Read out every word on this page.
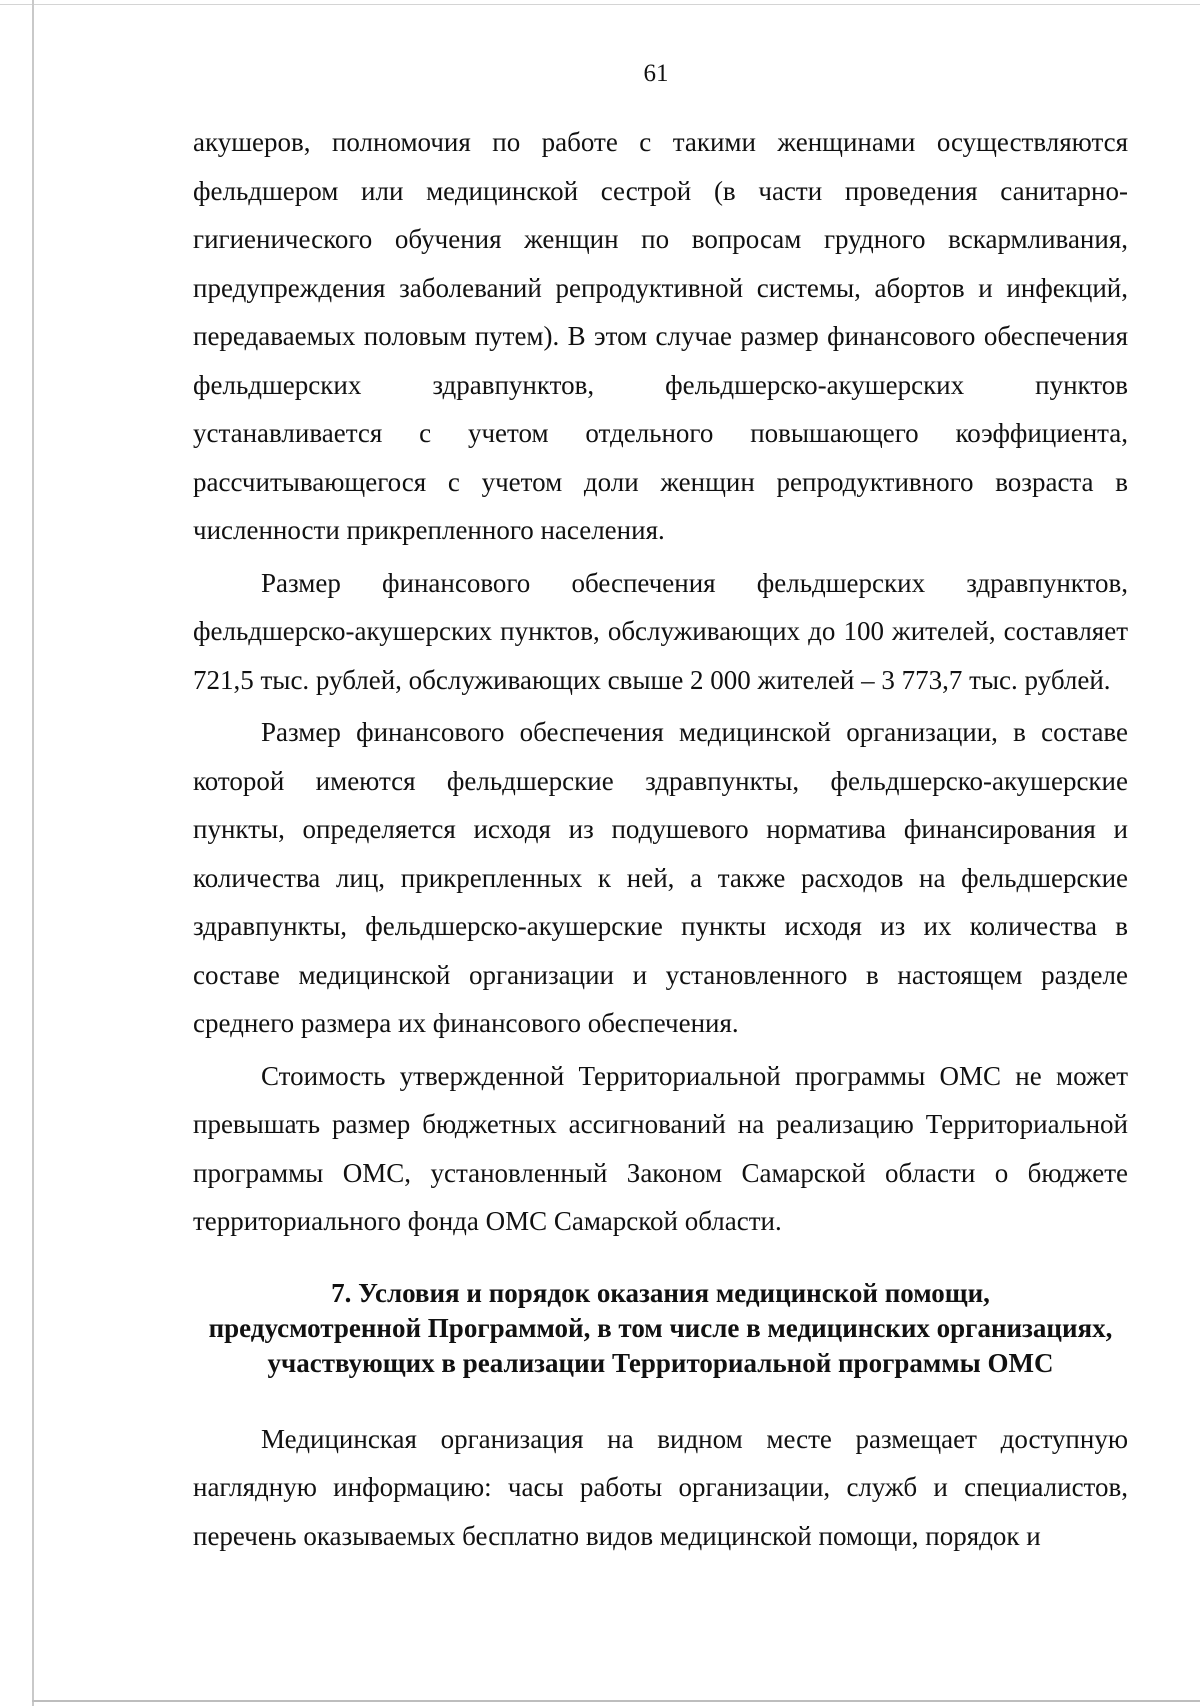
61

акушеров, полномочия по работе с такими женщинами осуществляются фельдшером или медицинской сестрой (в части проведения санитарно-гигиенического обучения женщин по вопросам грудного вскармливания, предупреждения заболеваний репродуктивной системы, абортов и инфекций, передаваемых половым путем). В этом случае размер финансового обеспечения фельдшерских здравпунктов, фельдшерско-акушерских пунктов устанавливается с учетом отдельного повышающего коэффициента, рассчитывающегося с учетом доли женщин репродуктивного возраста в численности прикрепленного населения.

Размер финансового обеспечения фельдшерских здравпунктов, фельдшерско-акушерских пунктов, обслуживающих до 100 жителей, составляет 721,5 тыс. рублей, обслуживающих свыше 2 000 жителей – 3 773,7 тыс. рублей.

Размер финансового обеспечения медицинской организации, в составе которой имеются фельдшерские здравпункты, фельдшерско-акушерские пункты, определяется исходя из подушевого норматива финансирования и количества лиц, прикрепленных к ней, а также расходов на фельдшерские здравпункты, фельдшерско-акушерские пункты исходя из их количества в составе медицинской организации и установленного в настоящем разделе среднего размера их финансового обеспечения.

Стоимость утвержденной Территориальной программы ОМС не может превышать размер бюджетных ассигнований на реализацию Территориальной программы ОМС, установленный Законом Самарской области о бюджете территориального фонда ОМС Самарской области.

7. Условия и порядок оказания медицинской помощи,
предусмотренной Программой, в том числе в медицинских организациях,
участвующих в реализации Территориальной программы ОМС

Медицинская организация на видном месте размещает доступную наглядную информацию: часы работы организации, служб и специалистов, перечень оказываемых бесплатно видов медицинской помощи, порядок и
